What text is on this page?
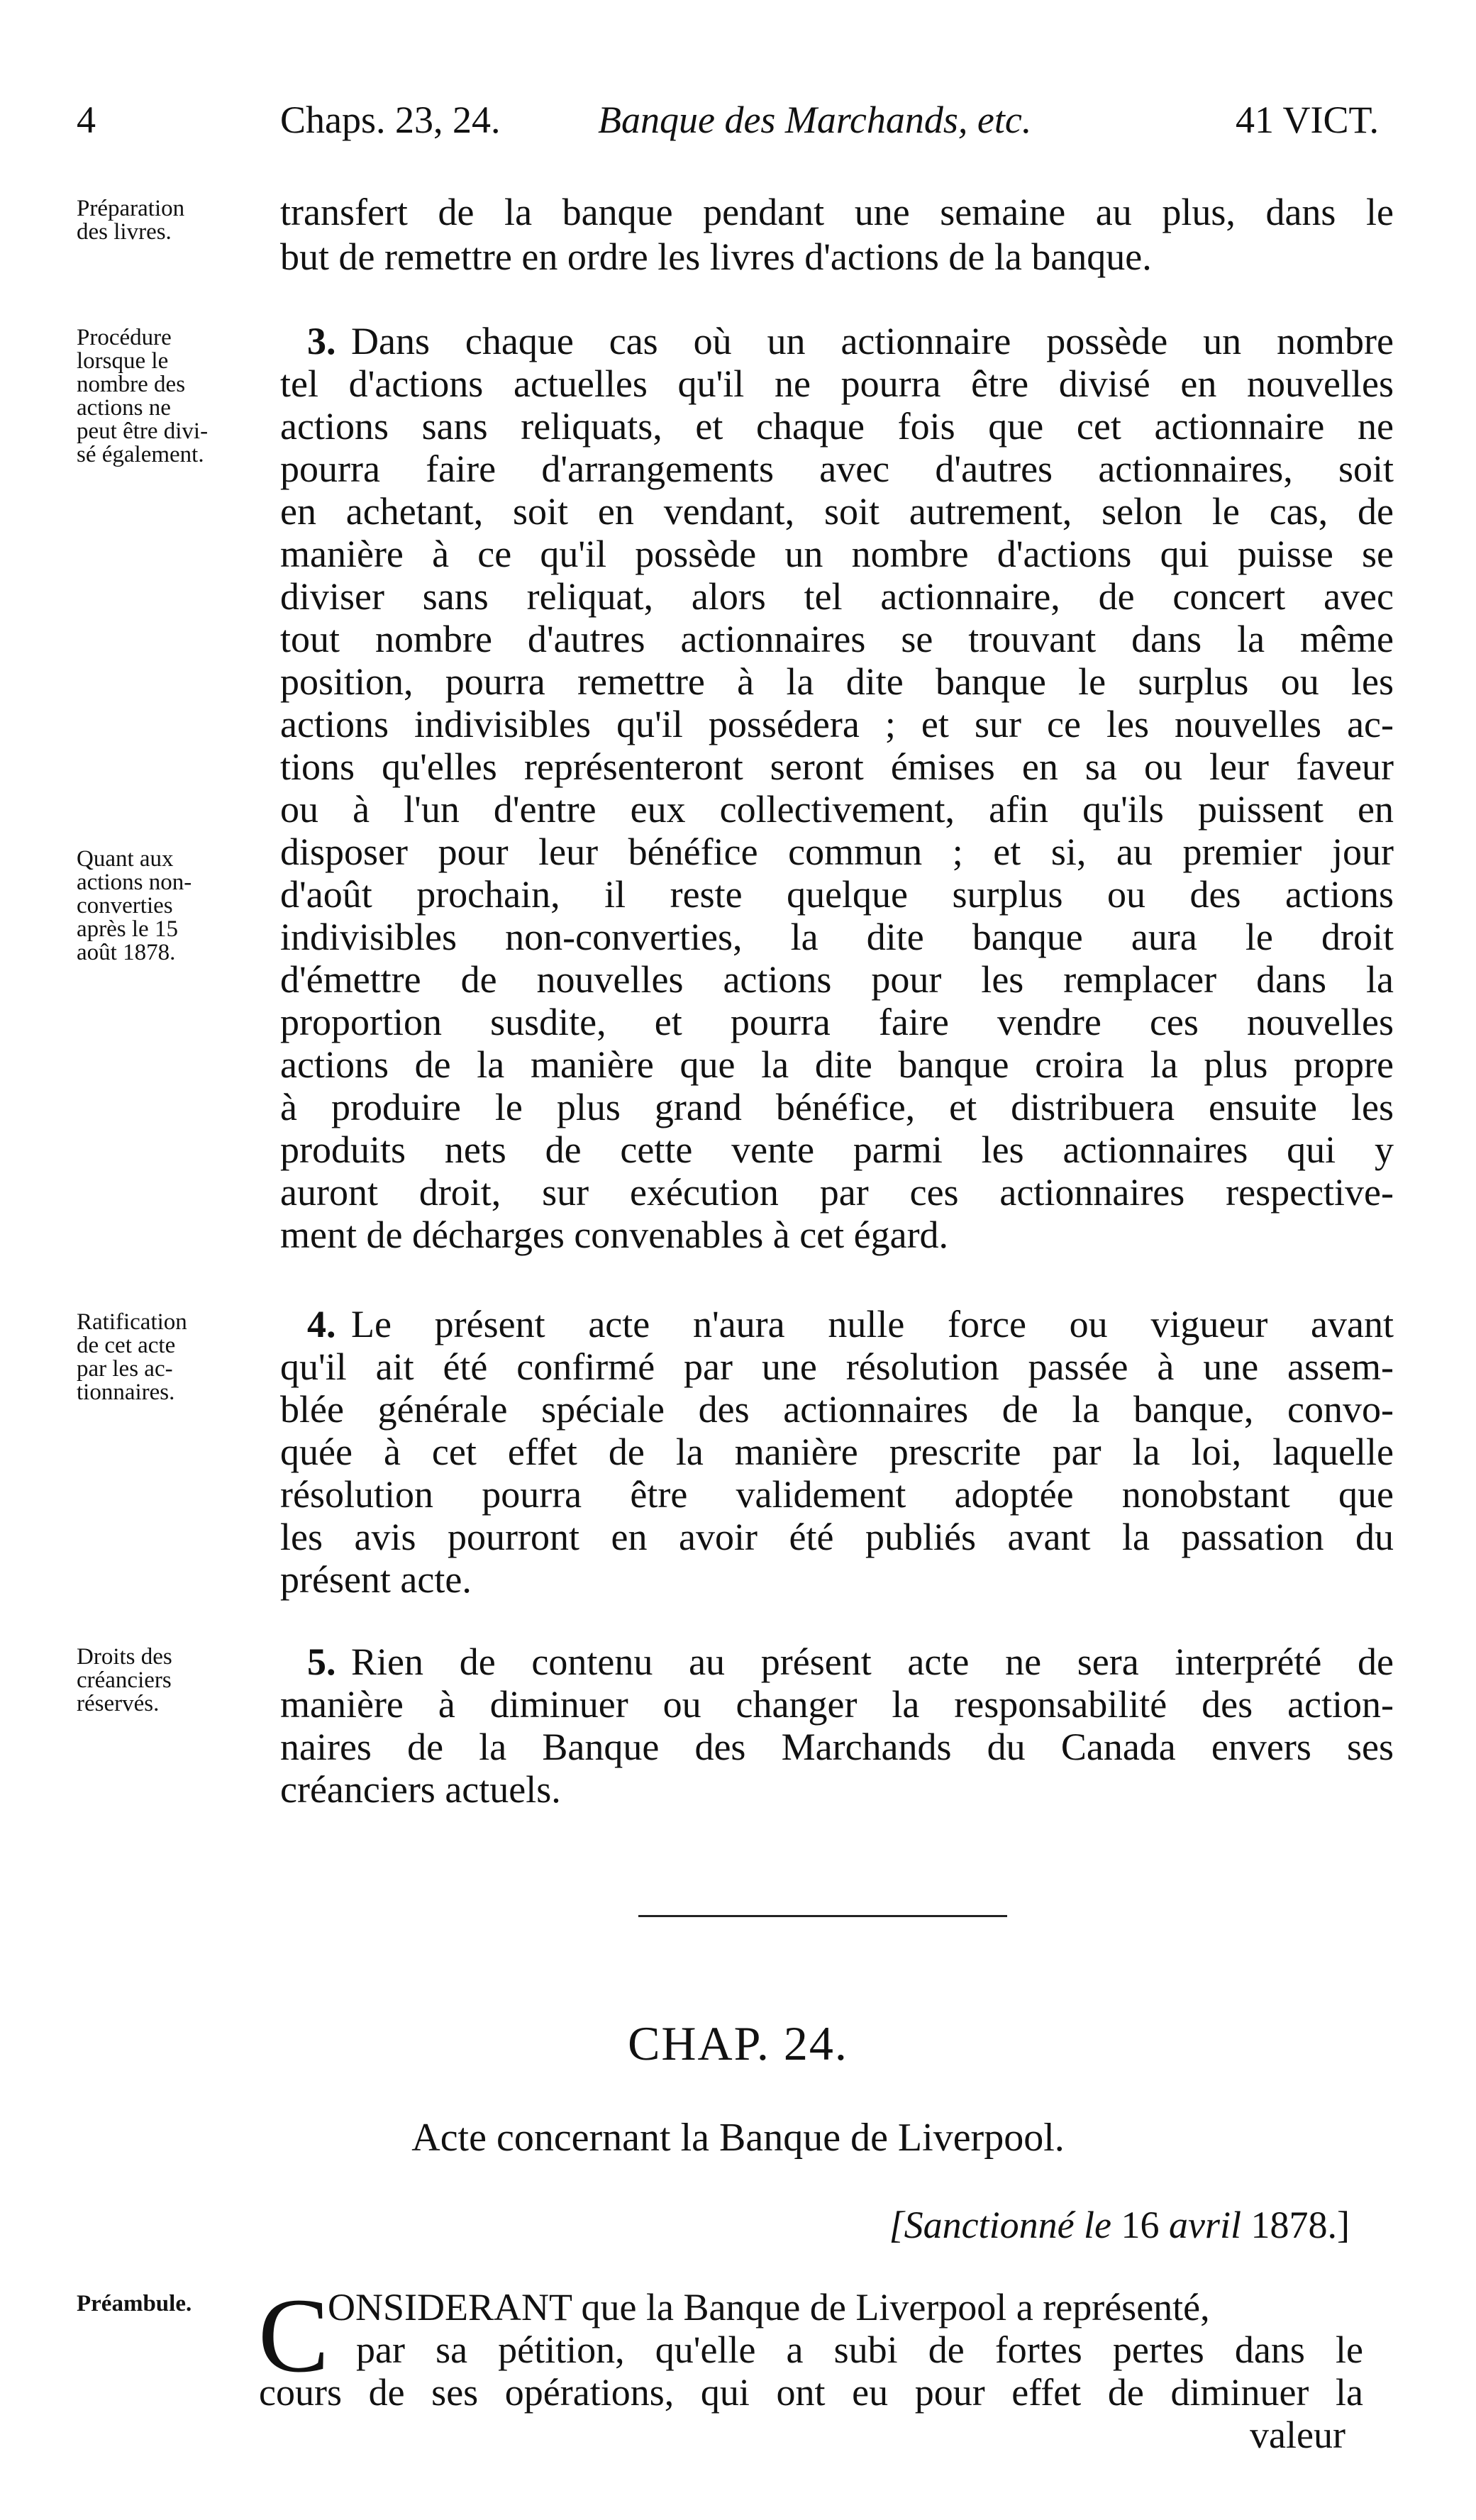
4	Chaps. 23, 24.	Banque des Marchands, etc.	41 VICT.
Préparation
des livres.	transfert de la banque pendant une semaine au plus, dans le
but de remettre en ordre les livres d'actions de la banque.
Procédure
lorsque le
nombre des
actions ne
peut être divi-
sé également.
Quant aux
actions non-
converties
après le 15
août 1878.
3. Dans chaque cas où un actionnaire possède un nombre
tel d'actions actuelles qu'il ne pourra être divisé en nouvelles
actions sans reliquats, et chaque fois que cet actionnaire ne
pourra faire d'arrangements avec d'autres actionnaires, soit
en achetant, soit en vendant, soit autrement, selon le cas, de
manière à ce qu'il possède un nombre d'actions qui puisse se
diviser sans reliquat, alors tel actionnaire, de concert avec
tout nombre d'autres actionnaires se trouvant dans la même
position, pourra remettre à la dite banque le surplus ou les
actions indivisibles qu'il possédera ; et sur ce les nouvelles ac-
tions qu'elles représenteront seront émises en sa ou leur faveur
ou à l'un d'entre eux collectivement, afin qu'ils puissent en
disposer pour leur bénéfice commun ; et si, au premier jour
d'août prochain, il reste quelque surplus ou des actions
indivisibles non-converties, la dite banque aura le droit
d'émettre de nouvelles actions pour les remplacer dans la
proportion susdite, et pourra faire vendre ces nouvelles
actions de la manière que la dite banque croira la plus propre
à produire le plus grand bénéfice, et distribuera ensuite les
produits nets de cette vente parmi les actionnaires qui y
auront droit, sur exécution par ces actionnaires respective-
ment de décharges convenables à cet égard.
Ratification
de cet acte
par les ac-
tionnaires.
4. Le présent acte n'aura nulle force ou vigueur avant
qu'il ait été confirmé par une résolution passée à une assem-
blée générale spéciale des actionnaires de la banque, convo-
quée à cet effet de la manière prescrite par la loi, laquelle
résolution pourra être validement adoptée nonobstant que
les avis pourront en avoir été publiés avant la passation du
présent acte.
Droits des
créanciers
réservés.
5. Rien de contenu au présent acte ne sera interprété de
manière à diminuer ou changer la responsabilité des action-
naires de la Banque des Marchands du Canada envers ses
créanciers actuels.
CHAP. 24.
Acte concernant la Banque de Liverpool.
[Sanctionné le 16 avril 1878.]
Préambule. C
ONSIDERANT que la Banque de Liverpool a représenté,
par sa pétition, qu'elle a subi de fortes pertes dans le
cours de ses opérations, qui ont eu pour effet de diminuer la
valeur
